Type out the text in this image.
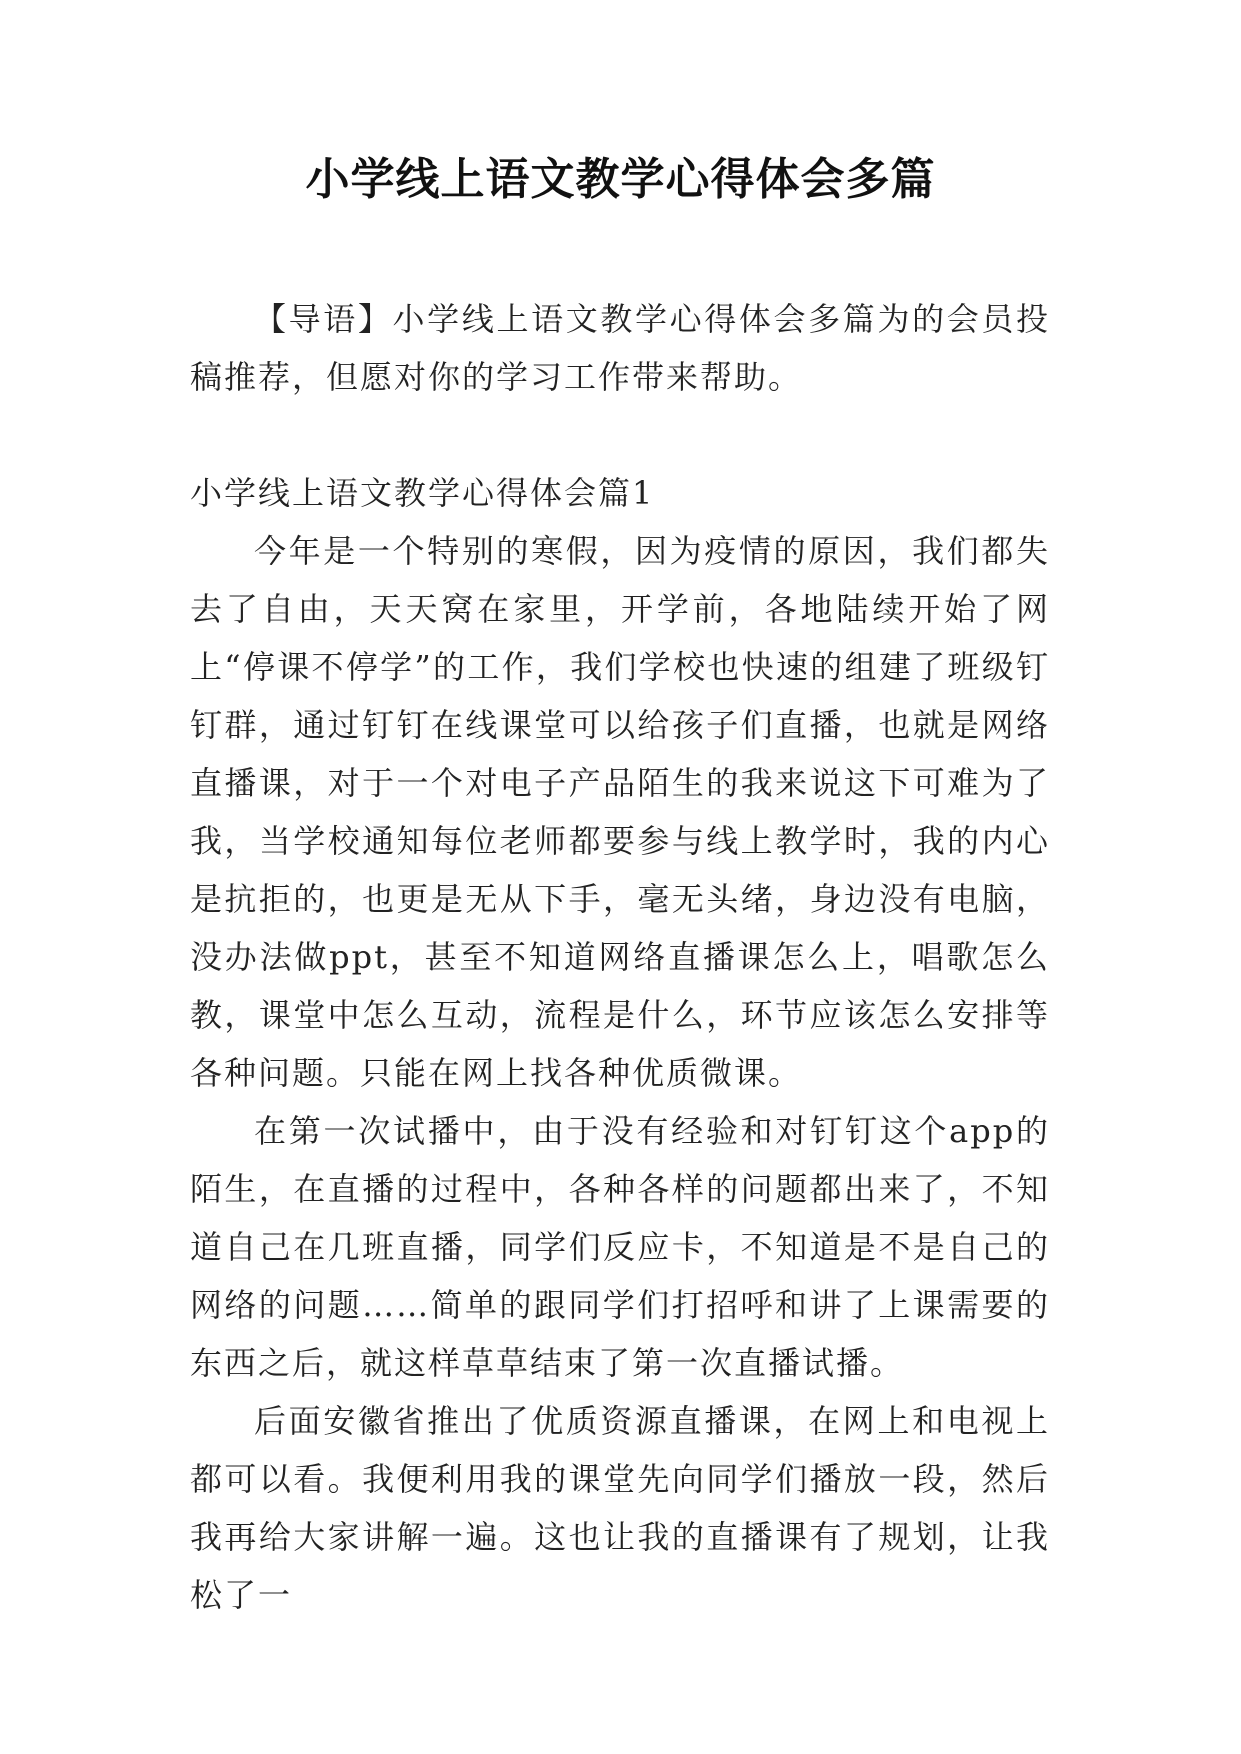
小学线上语文教学心得体会多篇

【导语】小学线上语文教学心得体会多篇为的会员投稿推荐，但愿对你的学习工作带来帮助。

小学线上语文教学心得体会篇1

今年是一个特别的寒假，因为疫情的原因，我们都失去了自由，天天窝在家里，开学前，各地陆续开始了网上“停课不停学”的工作，我们学校也快速的组建了班级钉钉群，通过钉钉在线课堂可以给孩子们直播，也就是网络直播课，对于一个对电子产品陌生的我来说这下可难为了我，当学校通知每位老师都要参与线上教学时，我的内心是抗拒的，也更是无从下手，毫无头绪，身边没有电脑，没办法做ppt，甚至不知道网络直播课怎么上，唱歌怎么教，课堂中怎么互动，流程是什么，环节应该怎么安排等各种问题。只能在网上找各种优质微课。

在第一次试播中，由于没有经验和对钉钉这个app的陌生，在直播的过程中，各种各样的问题都出来了，不知道自己在几班直播，同学们反应卡，不知道是不是自己的网络的问题……简单的跟同学们打招呼和讲了上课需要的东西之后，就这样草草结束了第一次直播试播。

后面安徽省推出了优质资源直播课，在网上和电视上都可以看。我便利用我的课堂先向同学们播放一段，然后我再给大家讲解一遍。这也让我的直播课有了规划，让我松了一
